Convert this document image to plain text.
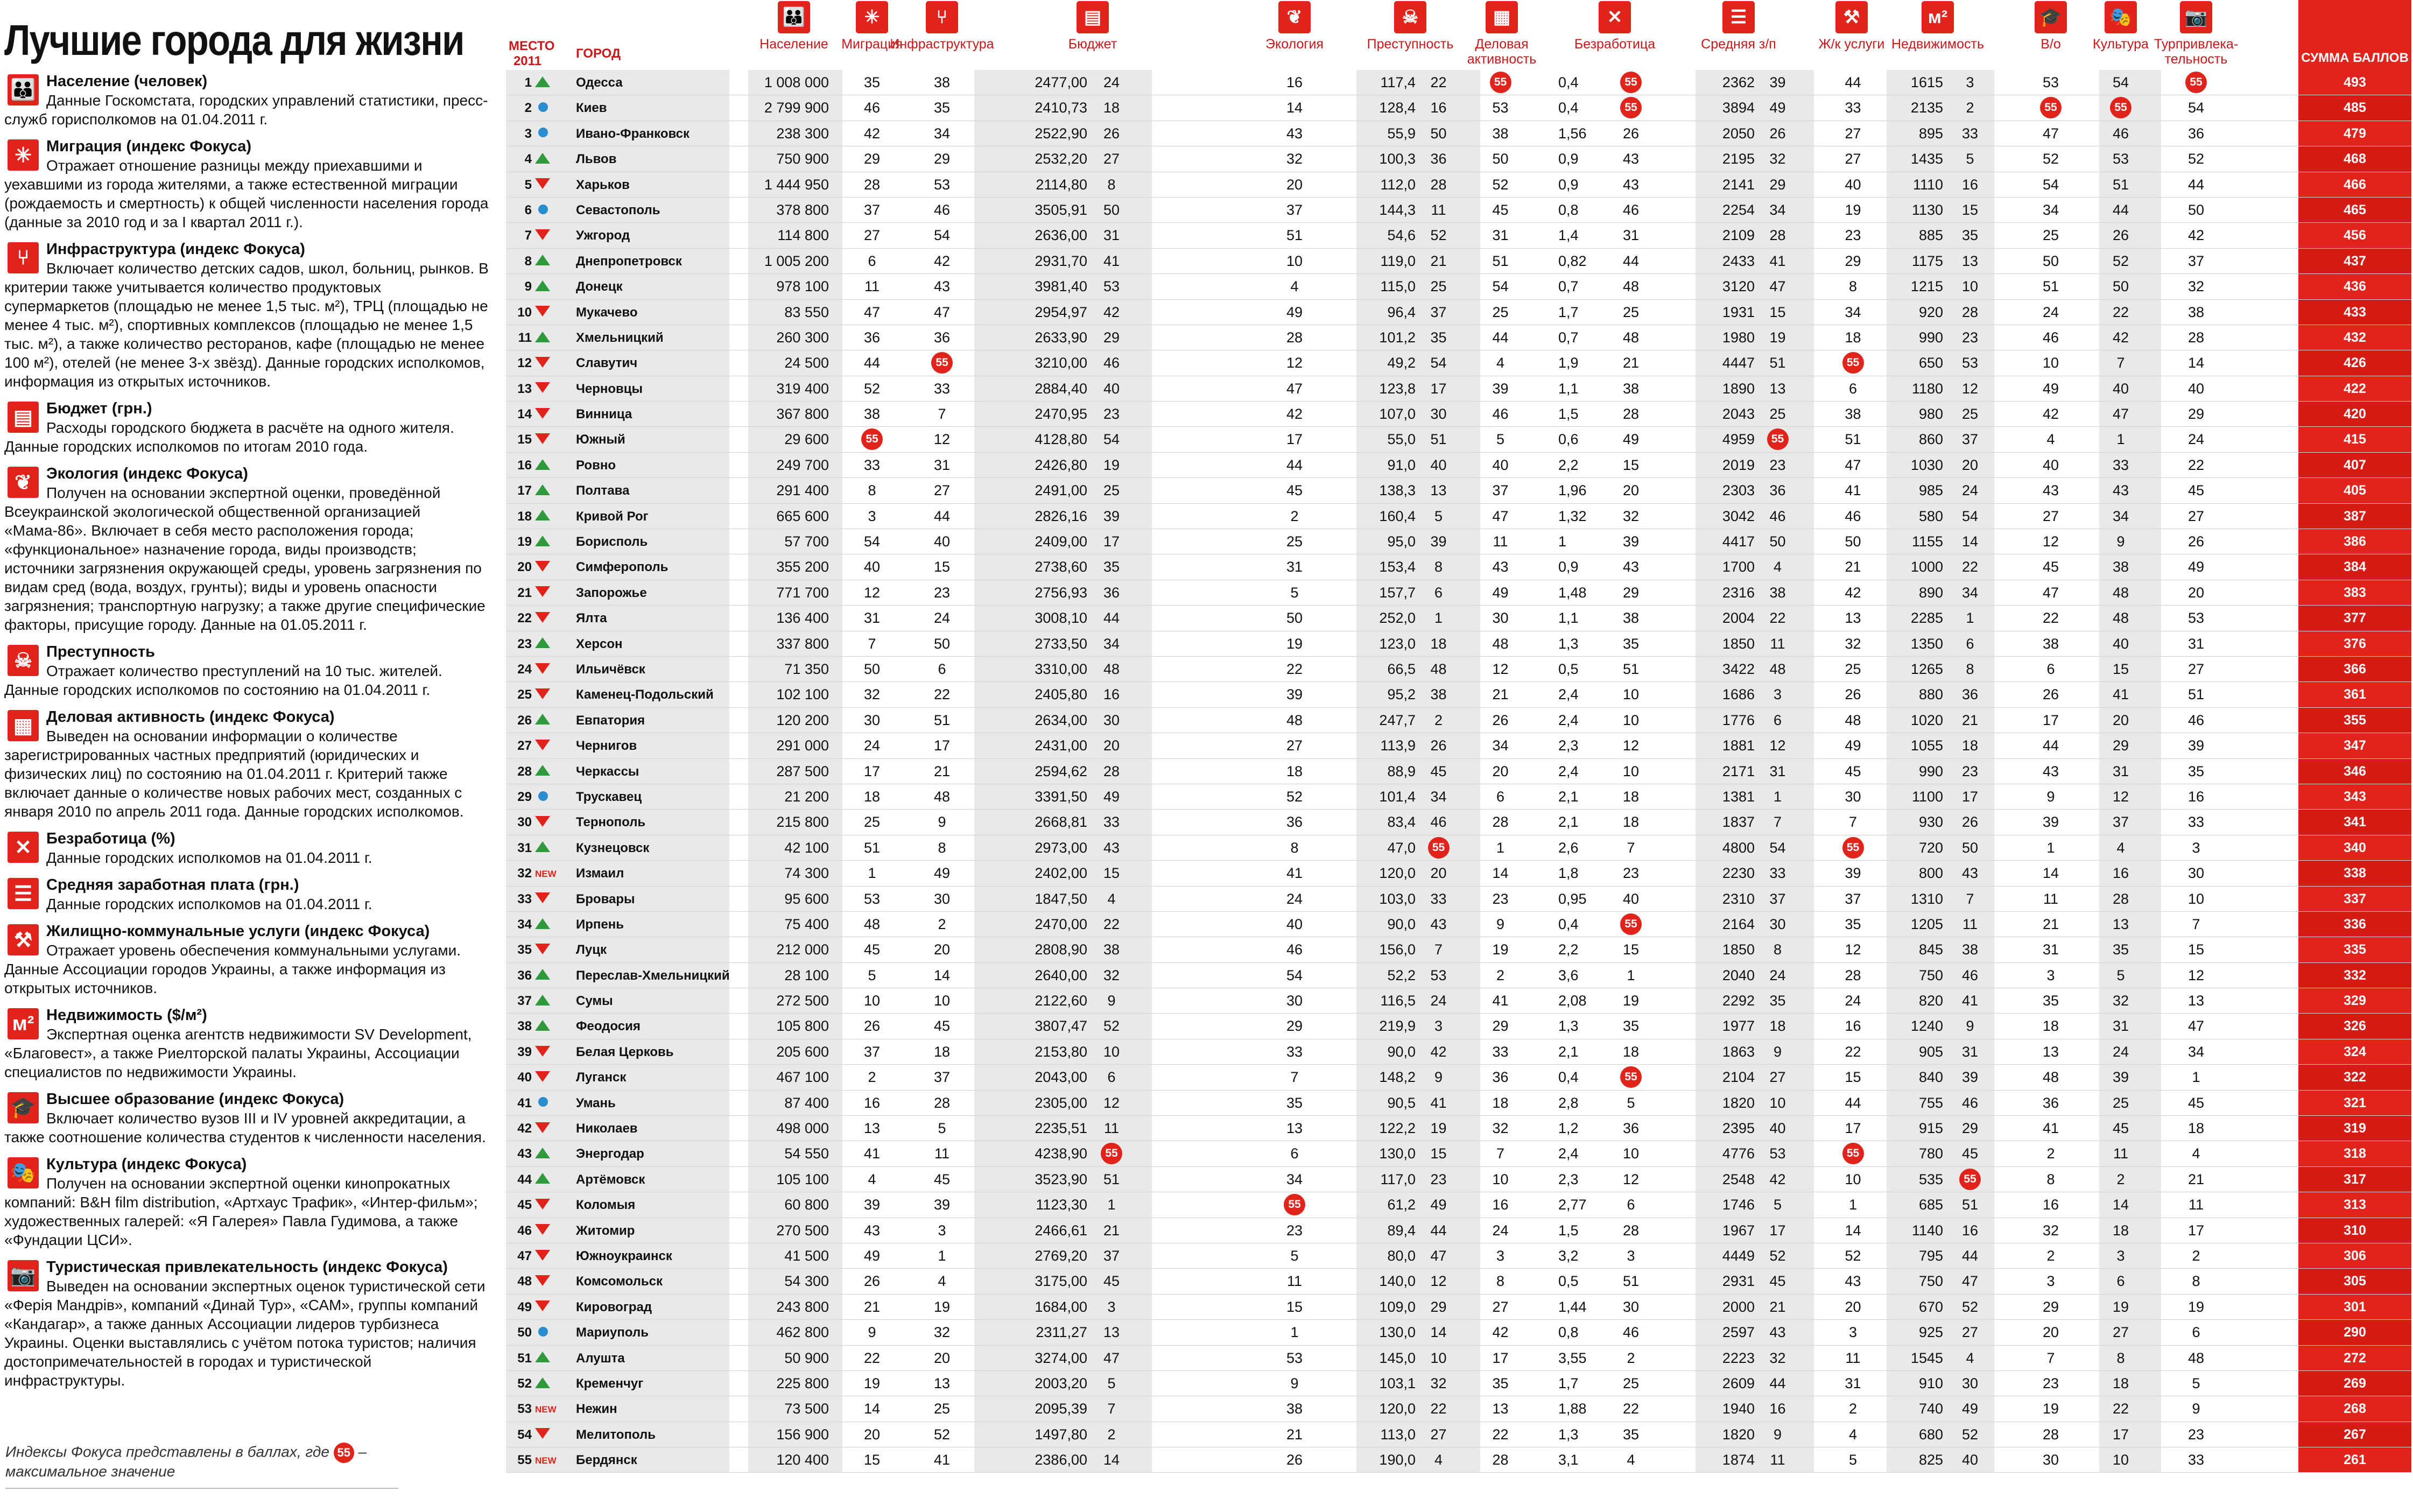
Лучшие города для жизни
👪 Население (человек)
Данные Госкомстата, городских управлений статистики, пресс-служб горисполкомов на 01.04.2011 г.
✳ Миграция (индекс Фокуса)
Отражает отношение разницы между приехавшими и уехавшими из города жителями, а также естественной миграции (рождаемость и смертность) к общей численности населения города (данные за 2010 год и за I квартал 2011 г.).
⑂	Инфраструктура (индекс Фокуса)
Включает количество детских садов, школ, больниц, рынков. В критерии также учитывается количество продуктовых супермаркетов (площадью не менее 1,5 тыс. м²), ТРЦ (площадью не менее 4 тыс. м²), спортивных комплексов (площадью не менее 1,5 тыс. м²), а также количество ресторанов, кафе (площадью не менее 100 м²), отелей (не менее 3-х звёзд). Данные городских исполкомов, информация из открытых источников.
▤ Бюджет (грн.)
Расходы городского бюджета в расчёте на одного жителя. Данные городских исполкомов по итогам 2010 года.
❦ Экология (индекс Фокуса)
Получен на основании экспертной оценки, проведённой Всеукраинской экологической общественной организацией «Мама-86». Включает в себя место расположения города; «функциональное» назначение города, виды производств; источники загрязнения окружающей среды, уровень загрязнения по видам сред (вода, воздух, грунты); виды и уровень опасности загрязнения; транспортную нагрузку; а также другие специфические факторы, присущие городу. Данные на 01.05.2011 г.
☠ Преступность
Отражает количество преступлений на 10 тыс. жителей. Данные городских исполкомов по состоянию на 01.04.2011 г.
▦ Деловая активность (индекс Фокуса)
Выведен на основании информации о количестве зарегистрированных частных предприятий (юридических и физических лиц) по состоянию на 01.04.2011 г. Критерий также включает данные о количестве новых рабочих мест, созданных с января 2010 по апрель 2011 года. Данные городских исполкомов.
✕ Безработица (%)
Данные городских исполкомов на 01.04.2011 г.
☰ Средняя заработная плата (грн.)
Данные городских исполкомов на 01.04.2011 г.
⚒ Жилищно-коммунальные услуги (индекс Фокуса)
Отражает уровень обеспечения коммунальными услугами. Данные Ассоциации городов Украины, а также информация из открытых источников.
м² Недвижимость ($/м²)
Экспертная оценка агентств недвижимости SV Development, «Благовест», а также Риелторской палаты Украины, Ассоциации специалистов по недвижимости Украины.
🎓 Высшее образование (индекс Фокуса)
Включает количество вузов III и IV уровней аккредитации, а также соотношение количества студентов к численности населения.
🎭 Культура (индекс Фокуса)
Получен на основании экспертной оценки кинопрокатных компаний: B&H film distribution, «Артхаус Трафик», «Интер-фильм»; художественных галерей: «Я Галерея» Павла Гудимова, а также «Фундации ЦСИ».
📷 Туристическая привлекательность (индекс Фокуса)
Выведен на основании экспертных оценок туристической сети «Ферія Мандрів», компаний «Динай Тур», «САМ», группы компаний «Кандагар», а также данных Ассоциации лидеров турбизнеса Украины. Оценки выставлялись с учётом потока туристов; наличия достопримечательностей в городах и туристической инфраструктуры.
Индексы Фокуса представлены в баллах, где 55 – максимальное значение
МЕСТО 2011
ГОРОД
👪
Население
✳
Миграция
⑂
Инфраструктура
▤
Бюджет
❦
Экология
☠
Преступность
▦
Деловая активность
✕
Безработица
☰
Средняя з/п
⚒
Ж/к услуги
м²
Недвижимость
🎓
В/о
🎭
Культура
📷
Турпривлека-тельность	СУММА БАЛЛОВ
1	Одесса	1 008 000	35	38	2477,00	24	16	117,4	22	55	0,4	55	2362	39	44	1615	3	53	54	55	493
2	Киев	2 799 900	46	35	2410,73	18	14	128,4	16	53	0,4	55	3894	49	33	2135	2	55	55	54	485
3	Ивано-Франковск	238 300	42	34	2522,90	26	43	55,9	50	38	1,56	26	2050	26	27	895	33	47	46	36	479
4	Львов	750 900	29	29	2532,20	27	32	100,3	36	50	0,9	43	2195	32	27	1435	5	52	53	52	468
5	Харьков	1 444 950	28	53	2114,80	8	20	112,0	28	52	0,9	43	2141	29	40	1110	16	54	51	44	466
6	Севастополь	378 800	37	46	3505,91	50	37	144,3	11	45	0,8	46	2254	34	19	1130	15	34	44	50	465
7	Ужгород	114 800	27	54	2636,00	31	51	54,6	52	31	1,4	31	2109	28	23	885	35	25	26	42	456
8	Днепропетровск	1 005 200	6	42	2931,70	41	10	119,0	21	51	0,82	44	2433	41	29	1175	13	50	52	37	437
9	Донецк	978 100	11	43	3981,40	53	4	115,0	25	54	0,7	48	3120	47	8	1215	10	51	50	32	436
10	Мукачево	83 550	47	47	2954,97	42	49	96,4	37	25	1,7	25	1931	15	34	920	28	24	22	38	433
11	Хмельницкий	260 300	36	36	2633,90	29	28	101,2	35	44	0,7	48	1980	19	18	990	23	46	42	28	432
12	Славутич	24 500	44	55	3210,00	46	12	49,2	54	4	1,9	21	4447	51	55	650	53	10	7	14	426
13	Черновцы	319 400	52	33	2884,40	40	47	123,8	17	39	1,1	38	1890	13	6	1180	12	49	40	40	422
14	Винница	367 800	38	7	2470,95	23	42	107,0	30	46	1,5	28	2043	25	38	980	25	42	47	29	420
15	Южный	29 600	55	12	4128,80	54	17	55,0	51	5	0,6	49	4959	55	51	860	37	4	1	24	415
16	Ровно	249 700	33	31	2426,80	19	44	91,0	40	40	2,2	15	2019	23	47	1030	20	40	33	22	407
17	Полтава	291 400	8	27	2491,00	25	45	138,3	13	37	1,96	20	2303	36	41	985	24	43	43	45	405
18	Кривой Рог	665 600	3	44	2826,16	39	2	160,4	5	47	1,32	32	3042	46	46	580	54	27	34	27	387
19	Борисполь	57 700	54	40	2409,00	17	25	95,0	39	11	1	39	4417	50	50	1155	14	12	9	26	386
20	Симферополь	355 200	40	15	2738,60	35	31	153,4	8	43	0,9	43	1700	4	21	1000	22	45	38	49	384
21	Запорожье	771 700	12	23	2756,93	36	5	157,7	6	49	1,48	29	2316	38	42	890	34	47	48	20	383
22	Ялта	136 400	31	24	3008,10	44	50	252,0	1	30	1,1	38	2004	22	13	2285	1	22	48	53	377
23	Херсон	337 800	7	50	2733,50	34	19	123,0	18	48	1,3	35	1850	11	32	1350	6	38	40	31	376
24	Ильичёвск	71 350	50	6	3310,00	48	22	66,5	48	12	0,5	51	3422	48	25	1265	8	6	15	27	366
25	Каменец-Подольский	102 100	32	22	2405,80	16	39	95,2	38	21	2,4	10	1686	3	26	880	36	26	41	51	361
26	Евпатория	120 200	30	51	2634,00	30	48	247,7	2	26	2,4	10	1776	6	48	1020	21	17	20	46	355
27	Чернигов	291 000	24	17	2431,00	20	27	113,9	26	34	2,3	12	1881	12	49	1055	18	44	29	39	347
28	Черкассы	287 500	17	21	2594,62	28	18	88,9	45	20	2,4	10	2171	31	45	990	23	43	31	35	346
29	Трускавец	21 200	18	48	3391,50	49	52	101,4	34	6	2,1	18	1381	1	30	1100	17	9	12	16	343
30	Тернополь	215 800	25	9	2668,81	33	36	83,4	46	28	2,1	18	1837	7	7	930	26	39	37	33	341
31	Кузнецовск	42 100	51	8	2973,00	43	8	47,0	55	1	2,6	7	4800	54	55	720	50	1	4	3	340
32 NEW Измаил	74 300	1	49	2402,00	15	41	120,0	20	14	1,8	23	2230	33	39	800	43	14	16	30	338
33	Бровары	95 600	53	30	1847,50	4	24	103,0	33	23	0,95	40	2310	37	37	1310	7	11	28	10	337
34	Ирпень	75 400	48	2	2470,00	22	40	90,0	43	9	0,4	55	2164	30	35	1205	11	21	13	7	336
35	Луцк	212 000	45	20	2808,90	38	46	156,0	7	19	2,2	15	1850	8	12	845	38	31	35	15	335
36	Переслав-Хмельницкий	28 100	5	14	2640,00	32	54	52,2	53	2	3,6	1	2040	24	28	750	46	3	5	12	332
37	Сумы	272 500	10	10	2122,60	9	30	116,5	24	41	2,08	19	2292	35	24	820	41	35	32	13	329
38	Феодосия	105 800	26	45	3807,47	52	29	219,9	3	29	1,3	35	1977	18	16	1240	9	18	31	47	326
39	Белая Церковь	205 600	37	18	2153,80	10	33	90,0	42	33	2,1	18	1863	9	22	905	31	13	24	34	324
40	Луганск	467 100	2	37	2043,00	6	7	148,2	9	36	0,4	55	2104	27	15	840	39	48	39	1	322
41	Умань	87 400	16	28	2305,00	12	35	90,5	41	18	2,8	5	1820	10	44	755	46	36	25	45	321
42	Николаев	498 000	13	5	2235,51	11	13	122,2	19	32	1,2	36	2395	40	17	915	29	41	45	18	319
43	Энергодар	54 550	41	11	4238,90	55	6	130,0	15	7	2,4	10	4776	53	55	780	45	2	11	4	318
44	Артёмовск	105 100	4	45	3523,90	51	34	117,0	23	10	2,3	12	2548	42	10	535	55	8	2	21	317
45	Коломыя	60 800	39	39	1123,30	1	55	61,2	49	16	2,77	6	1746	5	1	685	51	16	14	11	313
46	Житомир	270 500	43	3	2466,61	21	23	89,4	44	24	1,5	28	1967	17	14	1140	16	32	18	17	310
47	Южноукраинск	41 500	49	1	2769,20	37	5	80,0	47	3	3,2	3	4449	52	52	795	44	2	3	2	306
48	Комсомольск	54 300	26	4	3175,00	45	11	140,0	12	8	0,5	51	2931	45	43	750	47	3	6	8	305
49	Кировоград	243 800	21	19	1684,00	3	15	109,0	29	27	1,44	30	2000	21	20	670	52	29	19	19	301
50	Мариуполь	462 800	9	32	2311,27	13	1	130,0	14	42	0,8	46	2597	43	3	925	27	20	27	6	290
51	Алушта	50 900	22	20	3274,00	47	53	145,0	10	17	3,55	2	2223	32	11	1545	4	7	8	48	272
52	Кременчуг	225 800	19	13	2003,20	5	9	103,1	32	35	1,7	25	2609	44	31	910	30	23	18	5	269
53 NEW Нежин	73 500	14	25	2095,39	7	38	120,0	22	13	1,88	22	1940	16	2	740	49	19	22	9	268
54	Мелитополь	156 900	20	52	1497,80	2	21	113,0	27	22	1,3	35	1820	9	4	680	52	28	17	23	267
55 NEW Бердянск	120 400	15	41	2386,00	14	26	190,0	4	28	3,1	4	1874	11	5	825	40	30	10	33	261
